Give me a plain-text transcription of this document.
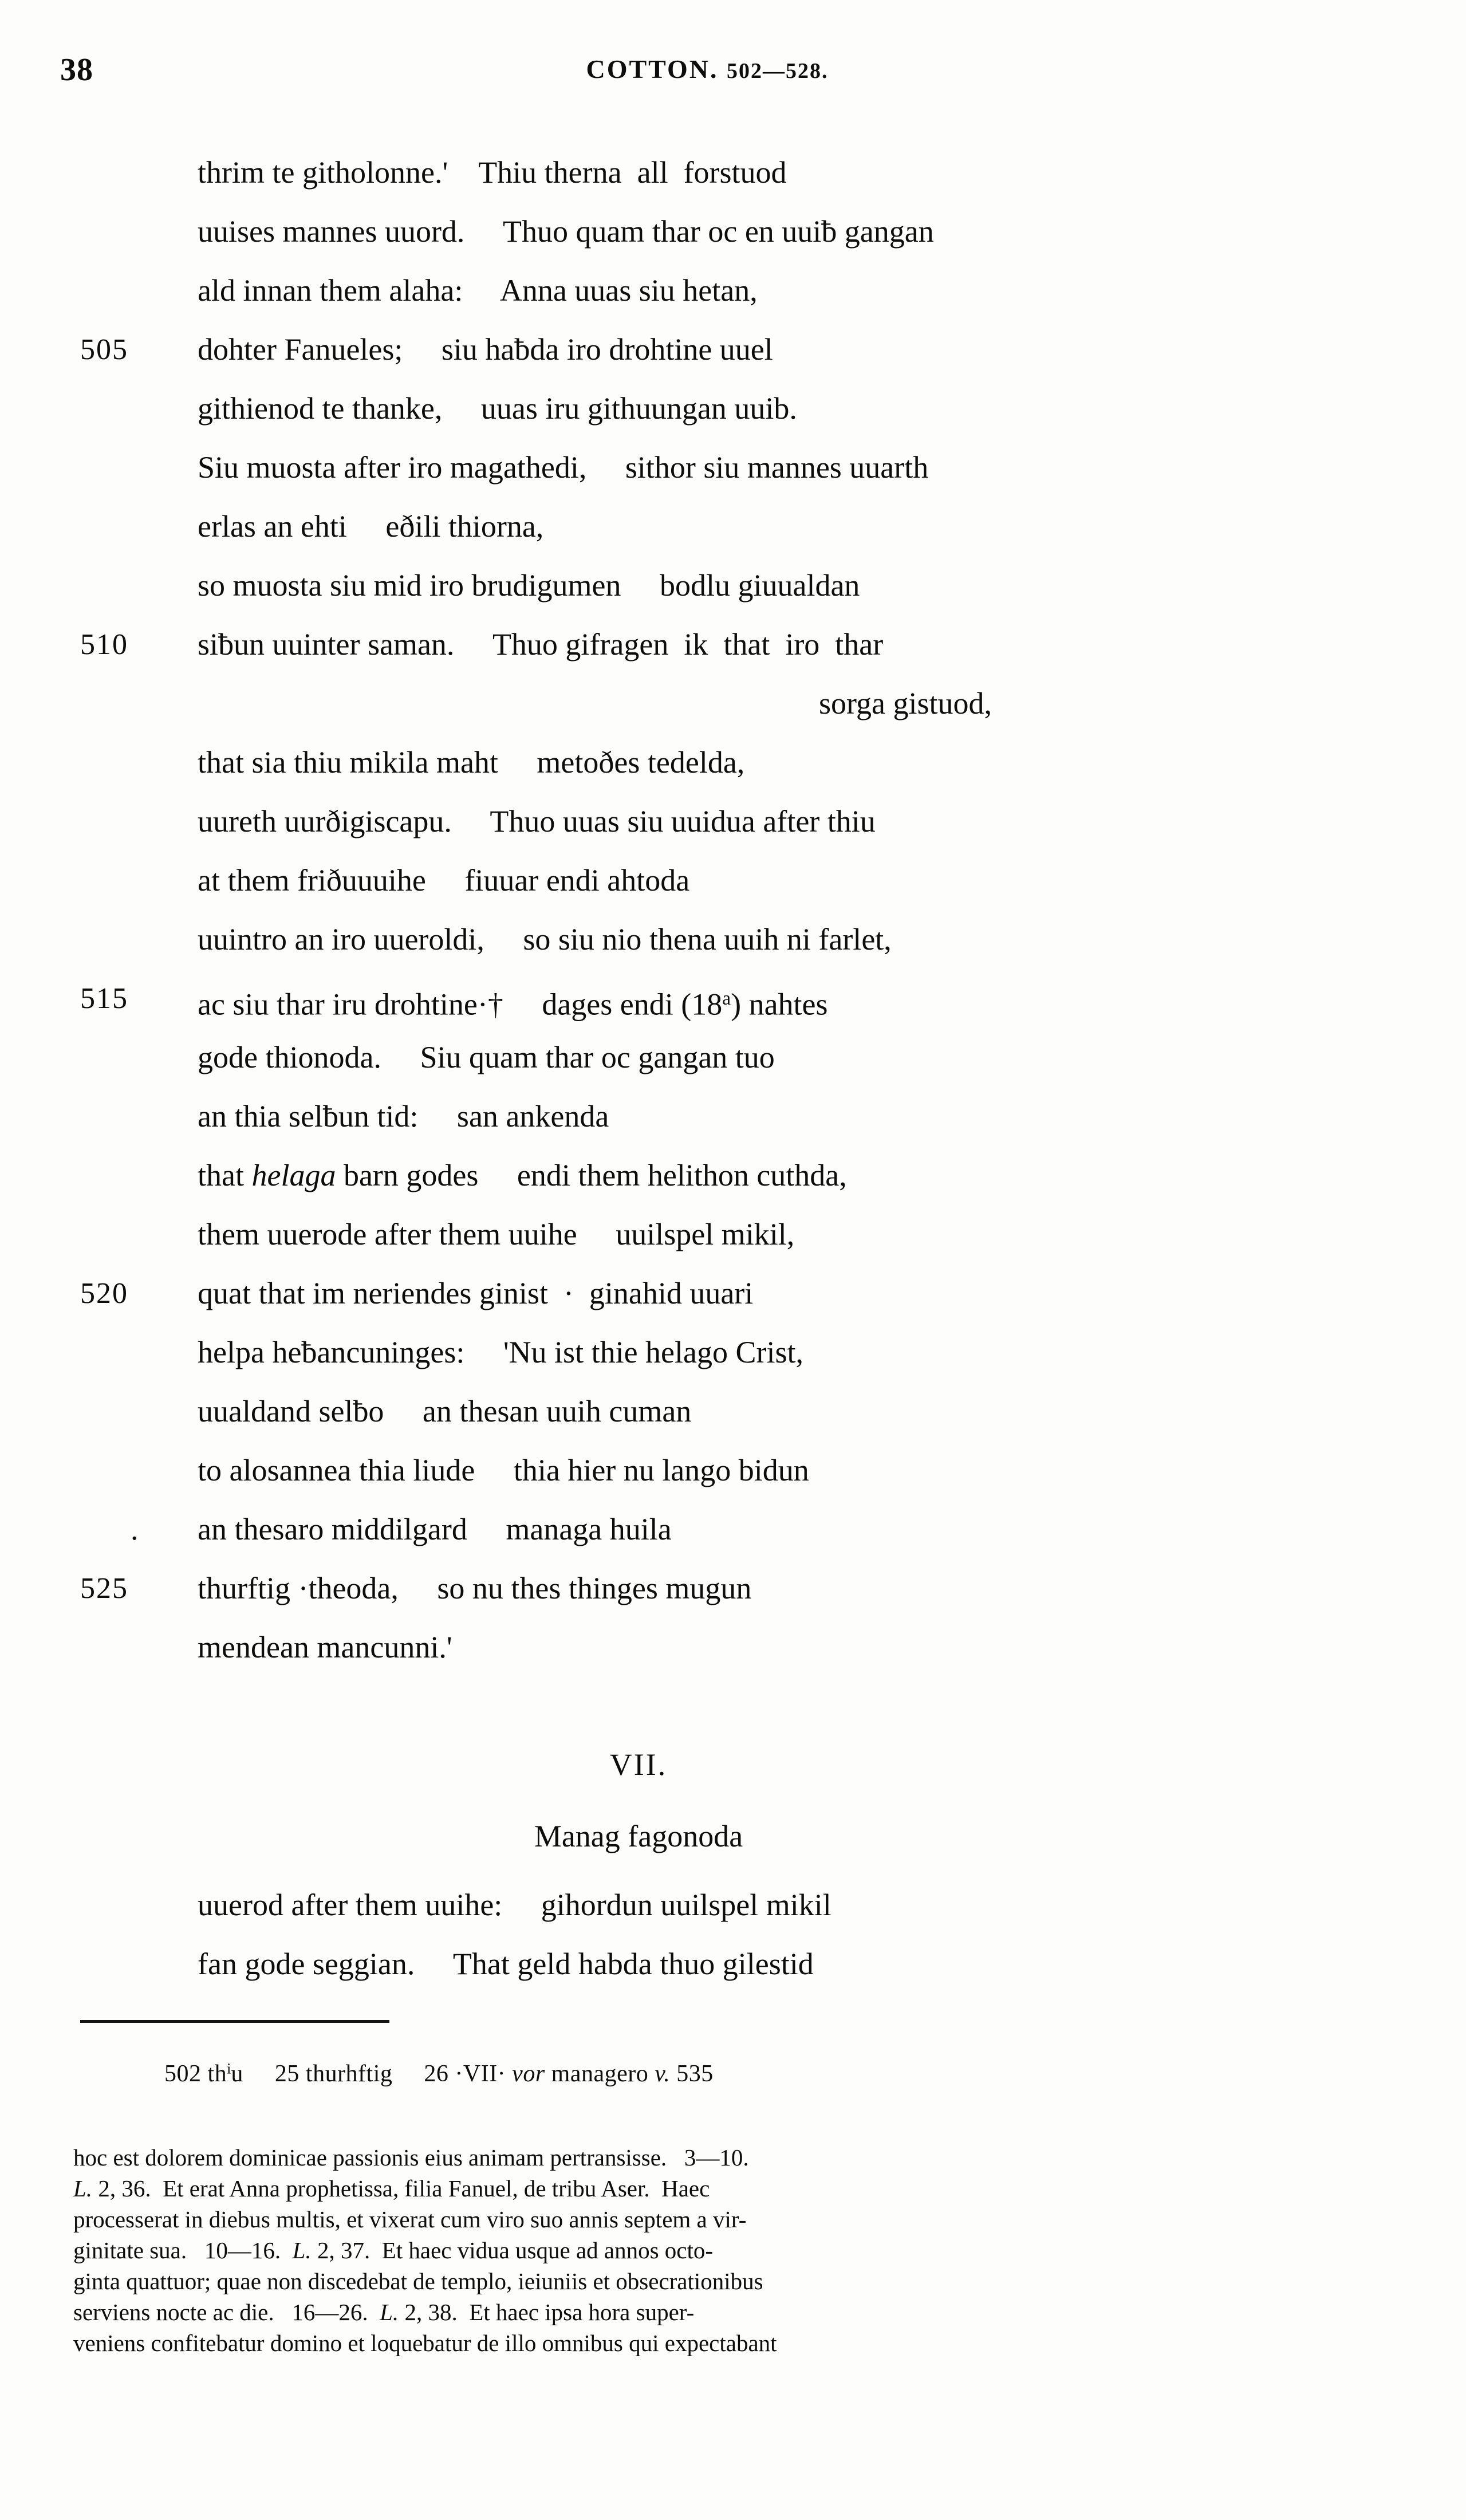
38	COTTON. 502—528.
thrim te githolonne.'    Thiu therna  all  forstuod
uuises mannes uuord.     Thuo quam thar oc en uuiƀ gangan
ald innan them alaha:     Anna uuas siu hetan,
505	dohter Fanueles;     siu haƀda iro drohtine uuel
githienod te thanke,     uuas iru githuungan uuib.
Siu muosta after iro magathedi,     sithor siu mannes uuarth
erlas an ehti     eðili thiorna,
so muosta siu mid iro brudigumen     bodlu giuualdan
510	siƀun uuinter saman.     Thuo gifragen  ik  that  iro  thar
sorga gistuod,
that sia thiu mikila maht     metoðes tedelda,
uureth uurðigiscapu.     Thuo uuas siu uuidua after thiu
at them friðuuuihe     fiuuar endi ahtoda
uuintro an iro uueroldi,     so siu nio thena uuih ni farlet,
515	ac siu thar iru drohtine·†     dages endi (18$^a$) nahtes
gode thionoda.     Siu quam thar oc gangan tuo
an thia selƀun tid:     san ankenda
that helaga barn godes     endi them helithon cuthda,
them uuerode after them uuihe     uuilspel mikil,
520	quat that im neriendes ginist  ·  ginahid uuari
helpa heƀancuninges:     'Nu ist thie helago Crist,
uualdand selƀo     an thesan uuih cuman
to alosannea thia liude     thia hier nu lango bidun
. an thesaro middilgard     managa huila
525	thurftig ·theoda,     so nu thes thinges mugun
mendean mancunni.'
VII.
Manag fagonoda
uuerod after them uuihe:     gihordun uuilspel mikil
fan gode seggian.     That geld habda thuo gilestid
502 $th^iu$     25 thurhftig     26 ·VII· vor managero v. 535
hoc est dolorem dominicae passionis eius animam pertransisse.   3—10.
L. 2, 36.  Et erat Anna prophetissa, filia Fanuel, de tribu Aser.  Haec
processerat in diebus multis, et vixerat cum viro suo annis septem a vir-
ginitate sua.   10—16.  L. 2, 37.  Et haec vidua usque ad annos octo-
ginta quattuor; quae non discedebat de templo, ieiuniis et obsecrationibus
serviens nocte ac die.   16—26.  L. 2, 38.  Et haec ipsa hora super-
veniens confitebatur domino et loquebatur de illo omnibus qui expectabant
